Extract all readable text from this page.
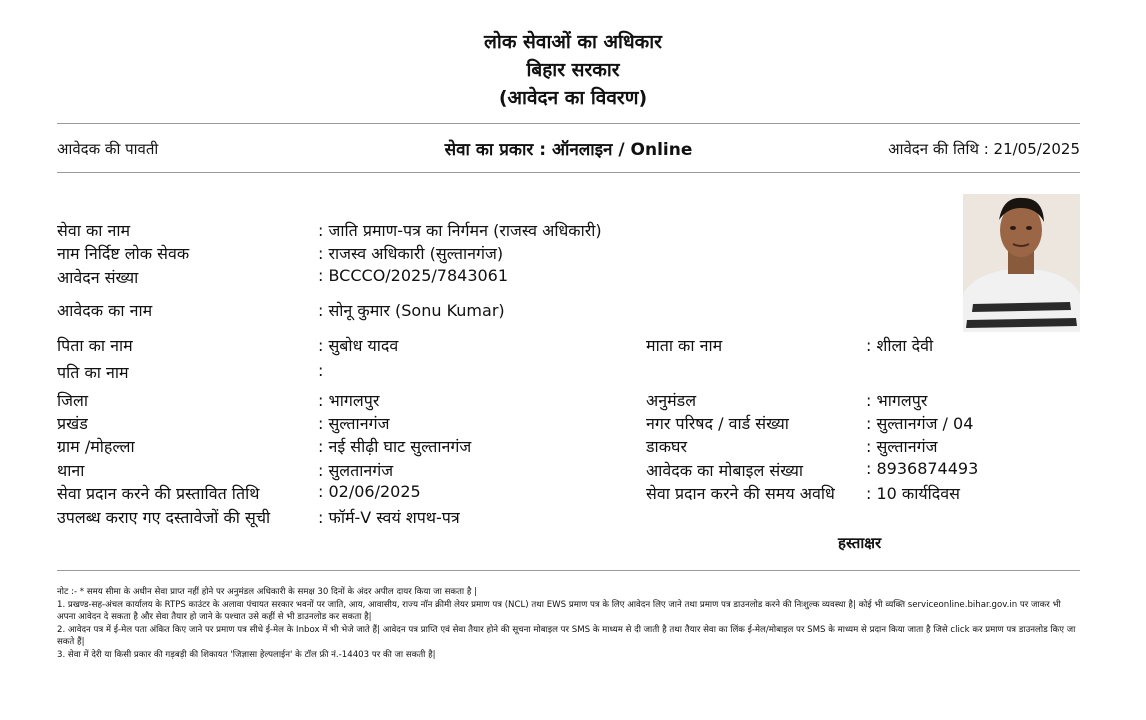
लोक सेवाओं का अधिकार
बिहार सरकार
(आवेदन का विवरण)
आवेदक की पावती	सेवा का प्रकार : ऑनलाइन / Online	आवेदन की तिथि : 21/05/2025
सेवा का नाम	: जाति प्रमाण-पत्र का निर्गमन (राजस्व अधिकारी)
नाम निर्दिष्ट लोक सेवक	: राजस्व अधिकारी (सुल्तानगंज)
आवेदन संख्या	: BCCCO/2025/7843061
आवेदक का नाम	: सोनू कुमार (Sonu Kumar)
पिता का नाम	: सुबोध यादव	माता का नाम	: शीला देवी
पति का नाम	:
जिला	: भागलपुर	अनुमंडल	: भागलपुर
प्रखंड	: सुल्तानगंज	नगर परिषद / वार्ड संख्या	: सुल्तानगंज / 04
ग्राम /मोहल्ला	: नई सीढ़ी घाट सुल्तानगंज	डाकघर	: सुल्तानगंज
थाना	: सुलतानगंज	आवेदक का मोबाइल संख्या	: 8936874493
सेवा प्रदान करने की प्रस्तावित तिथि	: 02/06/2025	सेवा प्रदान करने की समय अवधि : 10 कार्यदिवस
उपलब्ध कराए गए दस्तावेजों की सूची	: फॉर्म-V स्वयं शपथ-पत्र
हस्ताक्षर

नोट :- * समय सीमा के अधीन सेवा प्राप्त नहीं होने पर अनुमंडल अधिकारी के समक्ष 30 दिनों के अंदर अपील दायर किया जा सकता है |

1. प्रखण्ड-सह-अंचल कार्यालय के RTPS काउंटर के अलावा पंचायत सरकार भवनों पर जाति, आय, आवासीय, राज्य नॉन क्रीमी लेयर प्रमाण पत्र (NCL) तथा EWS प्रमाण पत्र के लिए आवेदन लिए जाने तथा प्रमाण पत्र डाउनलोड करने की निःशुल्क व्यवस्था है| कोई भी व्यक्ति serviceonline.bihar.gov.in पर जाकर भी अपना आवेदन दे सकता है और सेवा तैयार हो जाने के पश्चात उसे कहीं से भी डाउनलोड कर सकता है|

2. आवेदन पत्र में ई-मेल पता अंकित किए जाने पर प्रमाण पत्र सीधे ई-मेल के Inbox में भी भेजे जाते हैं| आवेदन पत्र प्राप्ति एवं सेवा तैयार होने की सूचना मोबाइल पर SMS के माध्यम से दी जाती है तथा तैयार सेवा का लिंक ई-मेल/मोबाइल पर SMS के माध्यम से प्रदान किया जाता है जिसे click कर प्रमाण पत्र डाउनलोड किए जा सकते हैं|

3. सेवा में देरी या किसी प्रकार की गड़बड़ी की शिकायत 'जिज्ञासा हेल्पलाईन' के टॉल फ्री नं.-14403 पर की जा सकती है|
